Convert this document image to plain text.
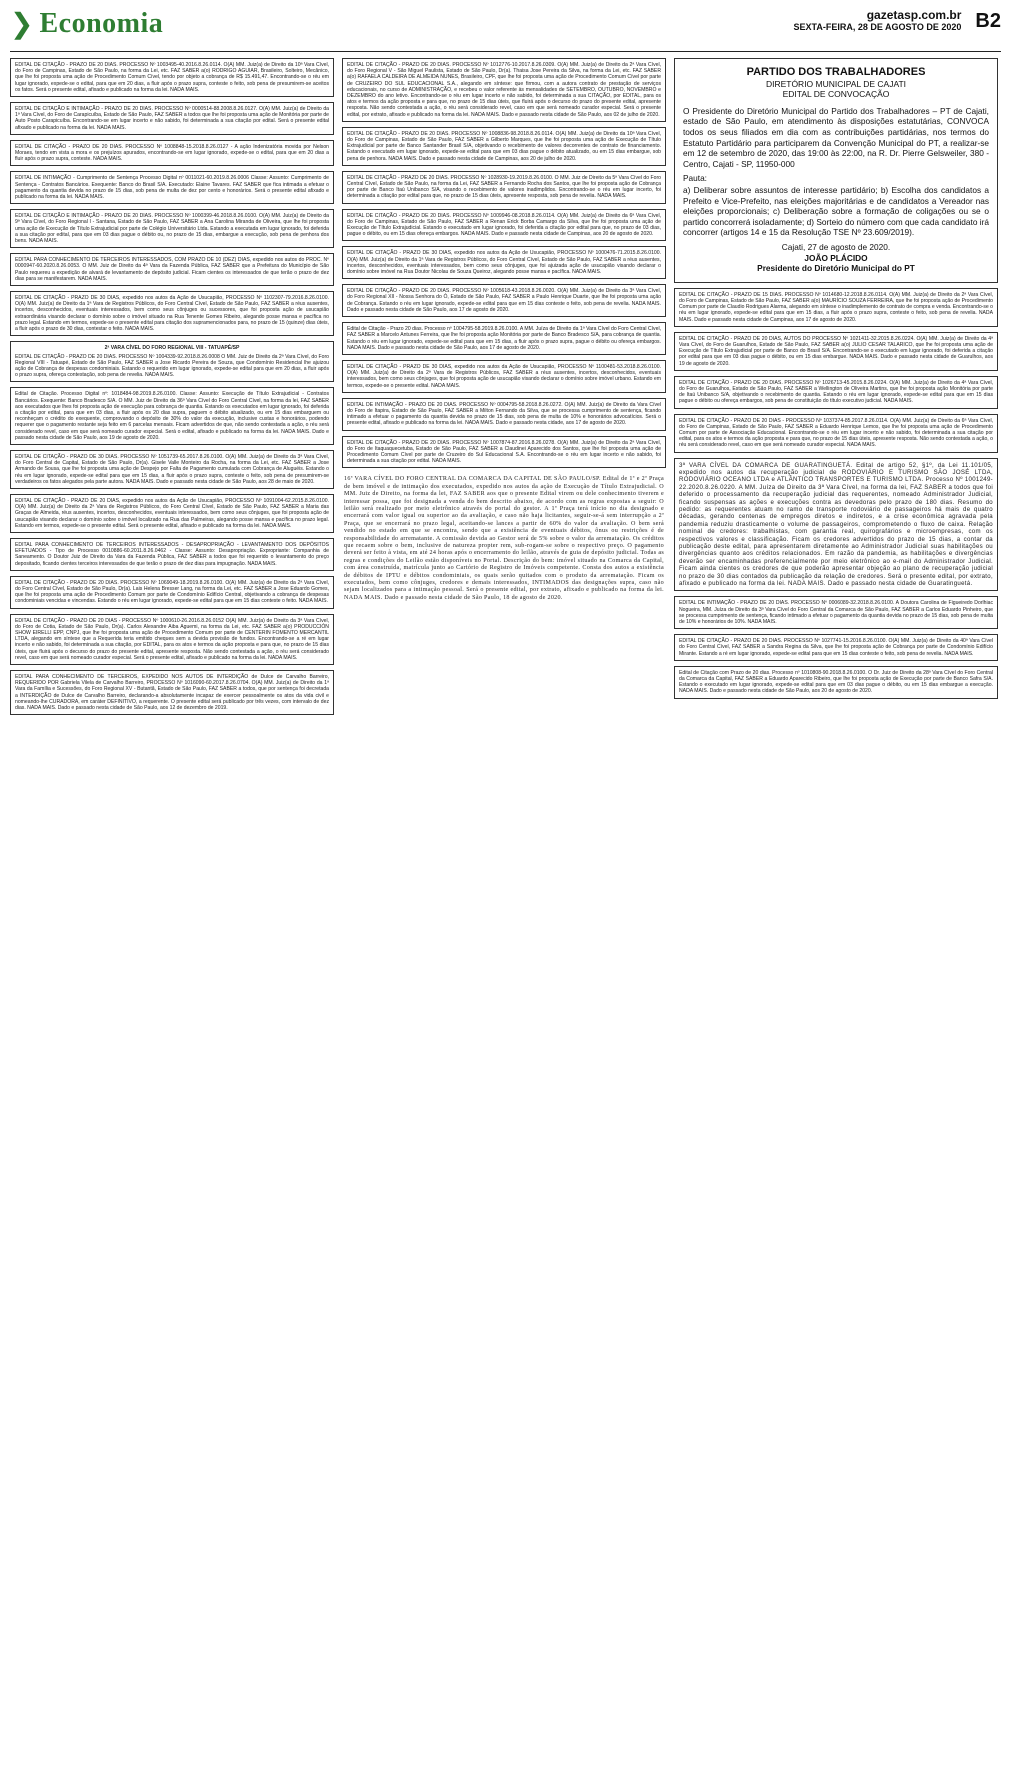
❯ Economia	gazetasp.com.br
SEXTA-FEIRA, 28 DE AGOSTO DE 2020 B2
EDITAL DE CITAÇÃO - PRAZO DE 20 DIAS. PROCESSO Nº 1003495-40.2016.8.26.0114. O(A) MM. Juiz(a) de Direito da 10ª Vara Cível, do Foro de Campinas, Estado de São Paulo, na forma da Lei, etc. FAZ SABER a(o) RODRIGO AGUIAR, Brasileiro, Solteiro, Mecânico, que lhe foi proposta uma ação de Procedimento Comum Cível, tendo por objeto a cobrança de R$ 15.491,47. Encontrando-se o réu em lugar ignorado, expede-se o edital, para que em 20 dias, a fluir após o prazo supra, conteste o feito, sob pena de presumirem-se aceitos os fatos. Será o presente edital, afixado e publicado na forma da lei. NADA MAIS.
EDITAL DE CITAÇÃO E INTIMAÇÃO - PRAZO DE 20 DIAS. PROCESSO Nº 0000514-88.2008.8.26.0127. O(A) MM. Juiz(a) de Direito da 1ª Vara Cível, do Foro de Carapicuíba, Estado de São Paulo, FAZ SABER a todos que lhe foi proposta uma ação de Monitória por parte de Auto Posto Carapicuíba. Encontrando-se em lugar incerto e não sabido, foi determinada a sua citação por edital. Será o presente edital afixado e publicado na forma da lei. NADA MAIS.
EDITAL DE CITAÇÃO - PRAZO DE 20 DIAS. PROCESSO Nº 1008848-15.2018.8.26.0127 - A ação Indenizatória movida por Nelson Moraes, tendo em vista a mora e os prejuízos apurados, encontrando-se em lugar ignorado, expede-se o edital, para que em 20 dias a fluir após o prazo supra, conteste. NADA MAIS.
EDITAL DE INTIMAÇÃO - Cumprimento de Sentença Processo Digital nº 0011021-60.2019.8.26.0006 Classe: Assunto: Cumprimento de Sentença - Contratos Bancários. Exequente: Banco do Brasil S/A. Executado: Elaine Tavares. FAZ SABER que fica intimada a efetuar o pagamento da quantia devida no prazo de 15 dias, sob pena de multa de dez por cento e honorários. Será o presente edital afixado e publicado na forma da lei. NADA MAIS.
EDITAL DE CITAÇÃO E INTIMAÇÃO - PRAZO DE 20 DIAS. PROCESSO Nº 1000399-46.2018.8.26.0100. O(A) MM. Juiz(a) de Direito da 9ª Vara Cível, do Foro Regional I - Santana, Estado de São Paulo, FAZ SABER a Ana Carolina Miranda de Oliveira, que lhe foi proposta uma ação de Execução de Título Extrajudicial por parte de Colégio Universitário Ltda. Estando a executada em lugar ignorado, foi deferida a sua citação por edital, para que em 03 dias pague o débito ou, no prazo de 15 dias, embargue a execução, sob pena de penhora dos bens. NADA MAIS.
EDITAL PARA CONHECIMENTO DE TERCEIROS INTERESSADOS, COM PRAZO DE 10 (DEZ) DIAS, expedido nos autos do PROC. Nº 0000947-60.2020.8.26.0053. O MM. Juiz de Direito da 4ª Vara da Fazenda Pública, FAZ SABER que a Prefeitura do Município de São Paulo requereu a expedição de alvará de levantamento de depósito judicial. Ficam cientes os interessados de que terão o prazo de dez dias para se manifestarem. NADA MAIS.
EDITAL DE CITAÇÃO - PRAZO DE 30 DIAS, expedido nos autos da Ação de Usucapião, PROCESSO Nº 1102307-79.2016.8.26.0100. O(A) MM. Juiz(a) de Direito da 1ª Vara de Registros Públicos, do Foro Central Cível, Estado de São Paulo, FAZ SABER a réus ausentes, incertos, desconhecidos, eventuais interessados, bem como seus cônjuges ou sucessores, que foi proposta ação de usucapião extraordinária visando declarar o domínio sobre o imóvel situado na Rua Tenente Gomes Ribeiro, alegando posse mansa e pacífica no prazo legal. Estando em termos, expede-se o presente edital para citação dos supramencionados para, no prazo de 15 (quinze) dias úteis, a fluir após o prazo de 30 dias, contestar o feito. NADA MAIS.
2ª VARA CÍVEL DO FORO REGIONAL VIII - TATUAPÉ/SP
EDITAL DE CITAÇÃO - PRAZO DE 20 DIAS. PROCESSO Nº 1004339-92.2018.8.26.0008 O MM. Juiz de Direito da 2ª Vara Cível, do Foro Regional VIII - Tatuapé, Estado de São Paulo, FAZ SABER a Jose Ricardo Pereira de Souza, que Condomínio Residencial lhe ajuizou ação de Cobrança de despesas condominiais. Estando o requerido em lugar ignorado, expede-se edital para que em 20 dias, a fluir após o prazo supra, ofereça contestação, sob pena de revelia. NADA MAIS.
Edital de Citação. Processo Digital nº: 1018484-98.2019.8.26.0100. Classe: Assunto: Execução de Título Extrajudicial - Contratos Bancários. Exequente: Banco Bradesco S/A. O MM. Juiz de Direito da 36ª Vara Cível do Foro Central Cível, na forma da lei, FAZ SABER aos executados que lhes foi proposta ação de execução para cobrança de quantia. Estando os executados em lugar ignorado, foi deferida a citação por edital, para que em 03 dias, a fluir após os 20 dias supra, paguem o débito atualizado, ou em 15 dias embarguem ou reconheçam o crédito do exequente, comprovando o depósito de 30% do valor da execução, inclusive custas e honorários, podendo requerer que o pagamento restante seja feito em 6 parcelas mensais. Ficam advertidos de que, não sendo contestada a ação, o réu será considerado revel, caso em que será nomeado curador especial. Será o edital, afixado e publicado na forma da lei. NADA MAIS. Dado e passado nesta cidade de São Paulo, aos 19 de agosto de 2020.
EDITAL DE CITAÇÃO - PRAZO DE 30 DIAS. PROCESSO Nº 1051739-65.2017.8.26.0100. O(A) MM. Juiz(a) de Direito da 3ª Vara Cível, do Foro Central de Capital, Estado de São Paulo, Dr(a). Gisele Valle Monteiro da Rocha, na forma da Lei, etc. FAZ SABER a Jose Armando de Sousa, que lhe foi proposta uma ação de Despejo por Falta de Pagamento cumulada com Cobrança de Aluguéis. Estando o réu em lugar ignorado, expede-se edital para que em 15 dias, a fluir após o prazo supra, conteste o feito, sob pena de presumirem-se verdadeiros os fatos alegados pela parte autora. NADA MAIS. Dado e passado nesta cidade de São Paulo, aos 28 de maio de 2020.
EDITAL DE CITAÇÃO - PRAZO DE 20 DIAS, expedido nos autos da Ação de Usucapião, PROCESSO Nº 1091004-62.2015.8.26.0100. O(A) MM. Juiz(a) de Direito da 2ª Vara de Registros Públicos, do Foro Central Cível, Estado de São Paulo, FAZ SABER a Maria das Graças de Almeida, réus ausentes, incertos, desconhecidos, eventuais interessados, bem como seus cônjuges, que foi proposta ação de usucapião visando declarar o domínio sobre o imóvel localizado na Rua das Palmeiras, alegando posse mansa e pacífica no prazo legal. Estando em termos, expede-se o presente edital. Será o presente edital, afixado e publicado na forma da lei. NADA MAIS.
EDITAL PARA CONHECIMENTO DE TERCEIROS INTERESSADOS - DESAPROPRIAÇÃO - LEVANTAMENTO DOS DEPÓSITOS EFETUADOS - Tipo de Processo 0010886-60.2011.8.26.0462 - Classe: Assunto: Desapropriação. Expropriante: Companhia de Saneamento. O Doutor Juiz de Direito da Vara da Fazenda Pública, FAZ SABER a todos que foi requerido o levantamento do preço depositado, ficando cientes terceiros interessados de que terão o prazo de dez dias para impugnação. NADA MAIS.
EDITAL DE CITAÇÃO - PRAZO DE 20 DIAS. PROCESSO Nº 1069049-18.2019.8.26.0100. O(A) MM. Juiz(a) de Direito da 2ª Vara Cível, do Foro Central Cível, Estado de São Paulo, Dr(a). Lais Helena Bresser Lang, na forma da Lei, etc. FAZ SABER a Jose Eduardo Gomes, que lhe foi proposta uma ação de Procedimento Comum por parte de Condomínio Edifício Central, objetivando a cobrança de despesas condominiais vencidas e vincendas. Estando o réu em lugar ignorado, expede-se edital para que em 15 dias conteste o feito. NADA MAIS.
EDITAL DE CITAÇÃO - PRAZO DE 20 DIAS - PROCESSO Nº 1000610-26.2016.8.26.0152 O(A) MM. Juiz(a) de Direito da 3ª Vara Cível, do Foro de Cotia, Estado de São Paulo, Dr(a). Carlos Alexandre Aiba Aguemi, na forma da Lei, etc. FAZ SABER a(o) PRODUCCIÓN SHOW EIRELLI EPP, CNPJ, que lhe foi proposta uma ação de Procedimento Comum por parte de CENTERIN FOMENTO MERCANTIL LTDA, alegando em síntese que a Requerida teria emitido cheques sem a devida provisão de fundos. Encontrando-se a ré em lugar incerto e não sabido, foi determinada a sua citação, por EDITAL, para os atos e termos da ação proposta e para que, no prazo de 15 dias úteis, que fluirá após o decurso do prazo do presente edital, apresente resposta. Não sendo contestada a ação, o réu será considerado revel, caso em que será nomeado curador especial. Será o presente edital, afixado e publicado na forma da lei. NADA MAIS.
EDITAL PARA CONHECIMENTO DE TERCEIROS, EXPEDIDO NOS AUTOS DE INTERDIÇÃO de Dulce de Carvalho Barreiro, REQUERIDO POR Gabriela Vilela de Carvalho Barreiro, PROCESSO Nº 1016090-60.2017.8.26.0704. O(A) MM. Juiz(a) de Direito da 1ª Vara da Família e Sucessões, do Foro Regional XV - Butantã, Estado de São Paulo, FAZ SABER a todos, que por sentença foi decretada a INTERDIÇÃO de Dulce de Carvalho Barreiro, declarando-a absolutamente incapaz de exercer pessoalmente os atos da vida civil e nomeando-lhe CURADORA, em caráter DEFINITIVO, a requerente. O presente edital será publicado por três vezes, com intervalo de dez dias. NADA MAIS. Dado e passado nesta cidade de São Paulo, aos 12 de dezembro de 2019.
EDITAL DE CITAÇÃO - PRAZO DE 20 DIAS. PROCESSO Nº 1012776-10.2017.8.26.0309. O(A) MM. Juiz(a) de Direito da 2ª Vara Cível, do Foro Regional V - São Miguel Paulista, Estado de São Paulo, Dr(a). Thaisa Jose Pereira da Silva, na forma da Lei, etc. FAZ SABER a(o) RAFAELA CALDEIRA DE ALMEIDA NUNES, Brasileiro, CPF, que lhe foi proposta uma ação de Procedimento Comum Cível por parte de CRUZEIRO DO SUL EDUCACIONAL S.A., alegando em síntese: que firmou, com a autora contrato de prestação de serviços educacionais, no curso de ADMINISTRAÇÃO, e recebeu o valor referente às mensalidades de SETEMBRO, OUTUBRO, NOVEMBRO e DEZEMBRO do ano letivo. Encontrando-se o réu em lugar incerto e não sabido, foi determinada a sua CITAÇÃO, por EDITAL, para os atos e termos da ação proposta e para que, no prazo de 15 dias úteis, que fluirá após o decurso do prazo do presente edital, apresente resposta. Não sendo contestada a ação, o réu será considerado revel, caso em que será nomeado curador especial. Será o presente edital, por extrato, afixado e publicado na forma da lei. NADA MAIS. Dado e passado nesta cidade de São Paulo, aos 02 de julho de 2020.
EDITAL DE CITAÇÃO - PRAZO DE 20 DIAS. PROCESSO Nº 1008836-98.2018.8.26.0114. O(A) MM. Juiz(a) de Direito da 10ª Vara Cível, do Foro de Campinas, Estado de São Paulo, FAZ SABER a Gilberto Marques, que lhe foi proposta uma ação de Execução de Título Extrajudicial por parte de Banco Santander Brasil S/A, objetivando o recebimento de valores decorrentes de contrato de financiamento. Estando o executado em lugar ignorado, expede-se edital para que em 03 dias pague o débito atualizado, ou em 15 dias embargue, sob pena de penhora. NADA MAIS. Dado e passado nesta cidade de Campinas, aos 20 de julho de 2020.
EDITAL DE CITAÇÃO - PRAZO DE 20 DIAS. PROCESSO Nº 1028930-19.2019.8.26.0100. O MM. Juiz de Direito da 5ª Vara Cível do Foro Central Cível, Estado de São Paulo, na forma da Lei, FAZ SABER a Fernando Rocha dos Santos, que lhe foi proposta ação de Cobrança por parte de Banco Itaú Unibanco S/A, visando o recebimento de valores inadimplidos. Encontrando-se o réu em lugar incerto, foi determinada a citação por edital para que, no prazo de 15 dias úteis, apresente resposta, sob pena de revelia. NADA MAIS.
EDITAL DE CITAÇÃO - PRAZO DE 20 DIAS. PROCESSO Nº 1009946-08.2018.8.26.0114. O(A) MM. Juiz(a) de Direito da 6ª Vara Cível, do Foro de Campinas, Estado de São Paulo, FAZ SABER a Renan Erick Borba Camargo da Silva, que lhe foi proposta uma ação de Execução de Título Extrajudicial. Estando o executado em lugar ignorado, foi deferida a citação por edital para que, no prazo de 03 dias, pague o débito, ou em 15 dias ofereça embargos. NADA MAIS. Dado e passado nesta cidade de Campinas, aos 20 de agosto de 2020.
EDITAL DE CITAÇÃO - PRAZO DE 30 DIAS, expedido nos autos da Ação de Usucapião, PROCESSO Nº 1000476-71.2015.8.26.0100. O(A) MM. Juiz(a) de Direito da 1ª Vara de Registros Públicos, do Foro Central Cível, Estado de São Paulo, FAZ SABER a réus ausentes, incertos, desconhecidos, eventuais interessados, bem como seus cônjuges, que foi ajuizada ação de usucapião visando declarar o domínio sobre imóvel na Rua Doutor Nicolau de Souza Queiroz, alegando posse mansa e pacífica. NADA MAIS.
EDITAL DE CITAÇÃO - PRAZO DE 20 DIAS. PROCESSO Nº 1005618-43.2018.8.26.0020. O(A) MM. Juiz(a) de Direito da 3ª Vara Cível, do Foro Regional XII - Nossa Senhora do Ó, Estado de São Paulo, FAZ SABER a Paulo Henrique Duarte, que lhe foi proposta uma ação de Cobrança. Estando o réu em lugar ignorado, expede-se edital para que em 15 dias conteste o feito, sob pena de revelia. NADA MAIS. Dado e passado nesta cidade de São Paulo, aos 17 de agosto de 2020.
Edital de Citação - Prazo 20 dias. Processo nº 1004795-58.2019.8.26.0100. A MM. Juíza de Direito da 1ª Vara Cível do Foro Central Cível, FAZ SABER a Marcelo Antunes Ferreira, que lhe foi proposta ação Monitória por parte de Banco Bradesco S/A, para cobrança de quantia. Estando o réu em lugar ignorado, expede-se edital para que em 15 dias, a fluir após o prazo supra, pague o débito ou ofereça embargos. NADA MAIS. Dado e passado nesta cidade de São Paulo, aos 17 de agosto de 2020.
EDITAL DE CITAÇÃO - PRAZO DE 30 DIAS, expedido nos autos da Ação de Usucapião, PROCESSO Nº 1100481-53.2018.8.26.0100. O(A) MM. Juiz(a) de Direito da 2ª Vara de Registros Públicos, FAZ SABER a réus ausentes, incertos, desconhecidos, eventuais interessados, bem como seus cônjuges, que foi proposta ação de usucapião visando declarar o domínio sobre imóvel urbano. Estando em termos, expede-se o presente edital. NADA MAIS.
EDITAL DE INTIMAÇÃO - PRAZO DE 20 DIAS. PROCESSO Nº 0004795-58.2018.8.26.0272. O(A) MM. Juiz(a) de Direito da Vara Cível do Foro de Itapira, Estado de São Paulo, FAZ SABER a Milton Fernando da Silva, que se processa cumprimento de sentença, ficando intimado a efetuar o pagamento da quantia devida no prazo de 15 dias, sob pena de multa de 10% e honorários advocatícios. Será o presente edital, afixado e publicado na forma da lei. NADA MAIS. Dado e passado nesta cidade, aos 17 de agosto de 2020.
EDITAL DE CITAÇÃO - PRAZO DE 20 DIAS. PROCESSO Nº 1007874-87.2016.8.26.0278. O(A) MM. Juiz(a) de Direito da 2ª Vara Cível, do Foro de Itaquaquecetuba, Estado de São Paulo, FAZ SABER a Claudinei Aparecido dos Santos, que lhe foi proposta uma ação de Procedimento Comum Cível por parte de Cruzeiro do Sul Educacional S.A. Encontrando-se o réu em lugar incerto e não sabido, foi determinada a sua citação por edital. NADA MAIS.
16ª VARA CÍVEL DO FORO CENTRAL DA COMARCA DA CAPITAL DE SÃO PAULO/SP. Edital de 1ª e 2ª Praça de bem imóvel e de intimação dos executados, expedido nos autos da ação de Execução de Título Extrajudicial. O MM. Juiz de Direito, na forma da lei, FAZ SABER aos que o presente Edital virem ou dele conhecimento tiverem e interessar possa, que foi designada a venda do bem descrito abaixo, de acordo com as regras expostas a seguir: O leilão será realizado por meio eletrônico através do portal do gestor. A 1ª Praça terá início no dia designado e encerrará com valor igual ou superior ao da avaliação, e caso não haja licitantes, seguir-se-á sem interrupção a 2ª Praça, que se encerrará no prazo legal, aceitando-se lances a partir de 60% do valor da avaliação. O bem será vendido no estado em que se encontra, sendo que a existência de eventuais débitos, ônus ou restrições é de responsabilidade do arrematante. A comissão devida ao Gestor será de 5% sobre o valor da arrematação. Os créditos que recaem sobre o bem, inclusive de natureza propter rem, sub-rogam-se sobre o respectivo preço. O pagamento deverá ser feito à vista, em até 24 horas após o encerramento do leilão, através de guia de depósito judicial. Todas as regras e condições do Leilão estão disponíveis no Portal. Descrição do bem: imóvel situado na Comarca da Capital, com área construída, matrícula junto ao Cartório de Registro de Imóveis competente. Consta dos autos a existência de débitos de IPTU e débitos condominiais, os quais serão quitados com o produto da arrematação. Ficam os executados, bem como cônjuges, credores e demais interessados, INTIMADOS das designações supra, caso não sejam localizados para a intimação pessoal. Será o presente edital, por extrato, afixado e publicado na forma da lei. NADA MAIS. Dado e passado nesta cidade de São Paulo, 18 de agosto de 2020.
PARTIDO DOS TRABALHADORES
DIRETÓRIO MUNICIPAL DE CAJATI
EDITAL DE CONVOCAÇÃO

O Presidente do Diretório Municipal do Partido dos Trabalhadores – PT de Cajati, estado de São Paulo, em atendimento às disposições estatutárias, CONVOCA todos os seus filiados em dia com as contribuições partidárias, nos termos do Estatuto Partidário para participarem da Convenção Municipal do PT, a realizar-se em 12 de setembro de 2020, das 19:00 às 22:00, na R. Dr. Pierre Gelsweiler, 380 - Centro, Cajati - SP, 11950-000

Pauta:

a) Deliberar sobre assuntos de interesse partidário; b) Escolha dos candidatos a Prefeito e Vice-Prefeito, nas eleições majoritárias e de candidatos a Vereador nas eleições proporcionais; c) Deliberação sobre a formação de coligações ou se o partido concorrerá isoladamente; d) Sorteio do número com que cada candidato irá concorrer (artigos 14 e 15 da Resolução TSE Nº 23.609/2019).

Cajati, 27 de agosto de 2020.
JOÃO PLÁCIDO
Presidente do Diretório Municipal do PT
EDITAL DE CITAÇÃO - PRAZO DE 15 DIAS. PROCESSO Nº 1014680-12.2018.8.26.0114. O(A) MM. Juiz(a) de Direito da 2ª Vara Cível, do Foro de Campinas, Estado de São Paulo, FAZ SABER a(o) MAURÍCIO SOUZA FERREIRA, que lhe foi proposta ação de Procedimento Comum por parte de Claudio Rodrigues Alarma, alegando em síntese o inadimplemento de contrato de compra e venda. Encontrando-se o réu em lugar ignorado, expede-se edital para que em 15 dias, a fluir após o prazo supra, conteste o feito, sob pena de revelia. NADA MAIS. Dado e passado nesta cidade de Campinas, aos 17 de agosto de 2020.
EDITAL DE CITAÇÃO - PRAZO DE 20 DIAS, AUTOS DO PROCESSO Nº 1021411-32.2015.8.26.0224. O(A) MM. Juiz(a) de Direito da 4ª Vara Cível, do Foro de Guarulhos, Estado de São Paulo, FAZ SABER a(o) JULIO CESAR TALARICO, que lhe foi proposta uma ação de Execução de Título Extrajudicial por parte de Banco do Brasil S/A. Encontrando-se o executado em lugar ignorado, foi deferida a citação por edital para que em 03 dias pague o débito, ou em 15 dias embargue. NADA MAIS. Dado e passado nesta cidade de Guarulhos, aos 19 de agosto de 2020.
EDITAL DE CITAÇÃO - PRAZO DE 20 DIAS. PROCESSO Nº 1026713-45.2015.8.26.0224. O(A) MM. Juiz(a) de Direito da 4ª Vara Cível, do Foro de Guarulhos, Estado de São Paulo, FAZ SABER a Wellington de Oliveira Martins, que lhe foi proposta ação Monitória por parte de Itaú Unibanco S/A, objetivando o recebimento de quantia. Estando o réu em lugar ignorado, expede-se edital para que em 15 dias pague o débito ou ofereça embargos, sob pena de constituição do título executivo judicial. NADA MAIS.
EDITAL DE CITAÇÃO - PRAZO DE 20 DIAS - PROCESSO Nº 1037374-85.2017.8.26.0114. O(A) MM. Juiz(a) de Direito da 6ª Vara Cível, do Foro de Campinas, Estado de São Paulo, FAZ SABER a Eduardo Henrique Lemos, que lhe foi proposta uma ação de Procedimento Comum por parte de Associação Educacional. Encontrando-se o réu em lugar incerto e não sabido, foi determinada a sua citação por edital, para os atos e termos da ação proposta e para que, no prazo de 15 dias úteis, apresente resposta. Não sendo contestada a ação, o réu será considerado revel, caso em que será nomeado curador especial. NADA MAIS.
3ª VARA CÍVEL DA COMARCA DE GUARATINGUETÁ. Edital de artigo 52, §1º, da Lei 11.101/05, expedido nos autos da recuperação judicial de RODOVIÁRIO E TURISMO SÃO JOSÉ LTDA, RODOVIÁRIO OCEANO LTDA e ATLÂNTICO TRANSPORTES E TURISMO LTDA. Processo Nº 1001249-22.2020.8.26.0220. A MM. Juíza de Direito da 3ª Vara Cível, na forma da lei, FAZ SABER a todos que foi deferido o processamento da recuperação judicial das requerentes, nomeado Administrador Judicial, ficando suspensas as ações e execuções contra as devedoras pelo prazo de 180 dias. Resumo do pedido: as requerentes atuam no ramo de transporte rodoviário de passageiros há mais de quatro décadas, gerando centenas de empregos diretos e indiretos, e a crise econômica agravada pela pandemia reduziu drasticamente o volume de passageiros, comprometendo o fluxo de caixa. Relação nominal de credores: trabalhistas, com garantia real, quirografários e microempresas, com os respectivos valores e classificação. Ficam os credores advertidos do prazo de 15 dias, a contar da publicação deste edital, para apresentarem diretamente ao Administrador Judicial suas habilitações ou divergências quanto aos créditos relacionados. Em razão da pandemia, as habilitações e divergências deverão ser encaminhadas preferencialmente por meio eletrônico ao e-mail do Administrador Judicial. Ficam ainda cientes os credores de que poderão apresentar objeção ao plano de recuperação judicial no prazo de 30 dias contados da publicação da relação de credores. Será o presente edital, por extrato, afixado e publicado na forma da lei. NADA MAIS. Dado e passado nesta cidade de Guaratinguetá.
EDITAL DE INTIMAÇÃO - PRAZO DE 20 DIAS. PROCESSO Nº 0006089-32.2018.8.26.0100. A Doutora Carolina de Figueiredo Dorlhiac Nogueira, MM. Juíza de Direito da 3ª Vara Cível do Foro Central da Comarca de São Paulo, FAZ SABER a Carlos Eduardo Pinheiro, que se processa cumprimento de sentença, ficando intimado a efetuar o pagamento da quantia devida no prazo de 15 dias, sob pena de multa de 10% e honorários de 10%. NADA MAIS.
EDITAL DE CITAÇÃO - PRAZO DE 20 DIAS. PROCESSO Nº 1027741-15.2016.8.26.0100. O(A) MM. Juiz(a) de Direito da 40ª Vara Cível do Foro Central Cível, FAZ SABER a Sandra Regina da Silva, que lhe foi proposta ação de Cobrança por parte de Condomínio Edifício Mirante. Estando a ré em lugar ignorado, expede-se edital para que em 15 dias conteste o feito, sob pena de revelia. NADA MAIS.
Edital de Citação com Prazo de 20 dias. Processo nº 1010808-90.2018.8.26.0100. O Dr. Juiz de Direito da 28ª Vara Cível do Foro Central da Comarca da Capital, FAZ SABER a Eduardo Aparecido Ribeiro, que lhe foi proposta ação de Execução por parte de Banco Safra S/A. Estando o executado em lugar ignorado, expede-se edital para que em 03 dias pague o débito, ou em 15 dias embargue a execução. NADA MAIS. Dado e passado nesta cidade de São Paulo, aos 20 de agosto de 2020.
